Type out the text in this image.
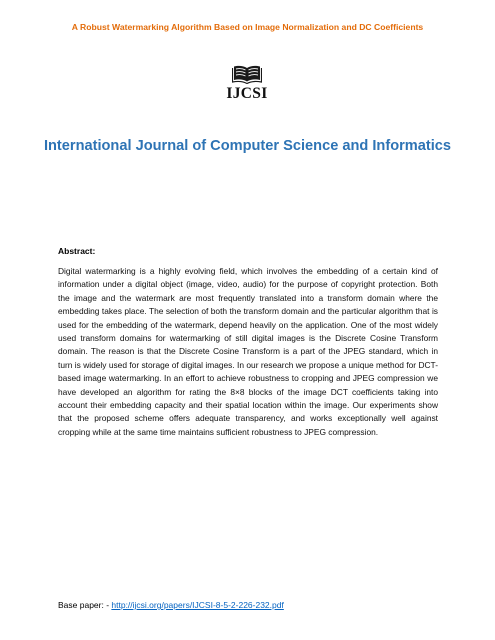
A Robust Watermarking Algorithm Based on Image Normalization and DC Coefficients
IJCSI
International Journal of Computer Science and Informatics
Abstract:
Digital watermarking is a highly evolving field, which involves the embedding of a certain kind of information under a digital object (image, video, audio) for the purpose of copyright protection. Both the image and the watermark are most frequently translated into a transform domain where the embedding takes place. The selection of both the transform domain and the particular algorithm that is used for the embedding of the watermark, depend heavily on the application. One of the most widely used transform domains for watermarking of still digital images is the Discrete Cosine Transform domain. The reason is that the Discrete Cosine Transform is a part of the JPEG standard, which in turn is widely used for storage of digital images. In our research we propose a unique method for DCT-based image watermarking. In an effort to achieve robustness to cropping and JPEG compression we have developed an algorithm for rating the 8×8 blocks of the image DCT coefficients taking into account their embedding capacity and their spatial location within the image. Our experiments show that the proposed scheme offers adequate transparency, and works exceptionally well against cropping while at the same time maintains sufficient robustness to JPEG compression.
Base paper: - http://ijcsi.org/papers/IJCSI-8-5-2-226-232.pdf
